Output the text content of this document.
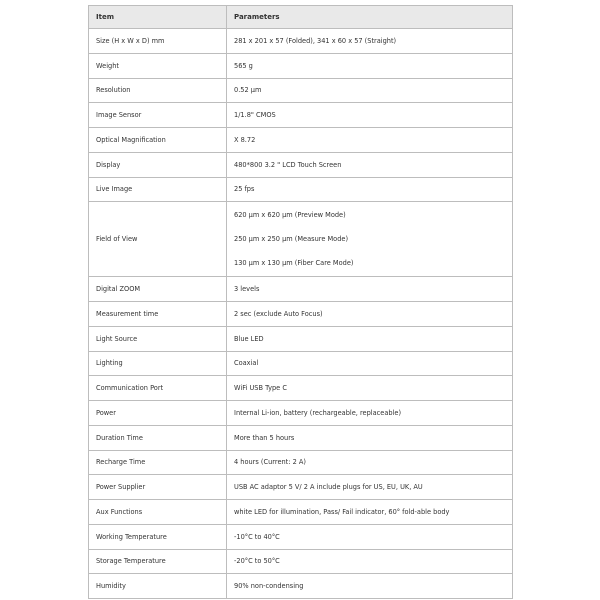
Item	Parameters
Size (H x W x D) mm	281 x 201 x 57 (Folded), 341 x 60 x 57 (Straight)
Weight	565 g
Resolution	0.52 μm
Image Sensor	1/1.8" CMOS
Optical Magnification	X 8.72
Display	480*800 3.2 " LCD Touch Screen
Live Image	25 fps
Field of View	620 μm x 620 μm (Preview Mode)
250 μm x 250 μm (Measure Mode)
130 μm x 130 μm (Fiber Care Mode)

Digital ZOOM	3 levels
Measurement time	2 sec (exclude Auto Focus)
Light Source	Blue LED
Lighting	Coaxial
Communication Port	WiFi USB Type C
Power	Internal Li-ion, battery (rechargeable, replaceable)
Duration Time	More than 5 hours
Recharge Time	4 hours (Current: 2 A)
Power Supplier	USB AC adaptor 5 V/ 2 A include plugs for US, EU, UK, AU
Aux Functions	white LED for illumination, Pass/ Fail indicator, 60° fold-able body
Working Temperature	-10°C to 40°C
Storage Temperature	-20°C to 50°C
Humidity	90% non-condensing
